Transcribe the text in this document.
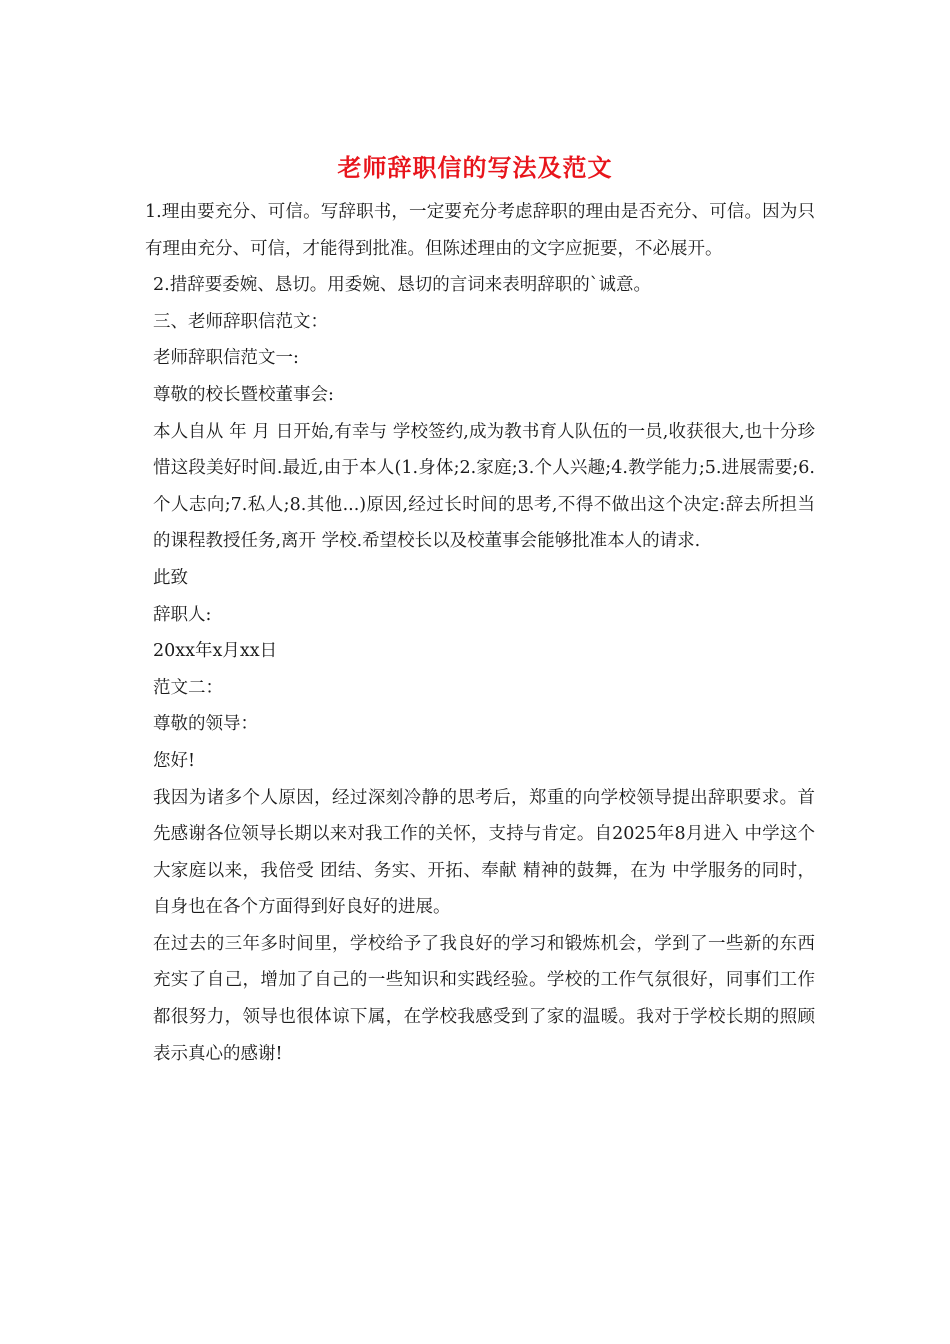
老师辞职信的写法及范文

1.理由要充分、可信。写辞职书，一定要充分考虑辞职的理由是否充分、可信。因为只有理由充分、可信，才能得到批准。但陈述理由的文字应扼要，不必展开。

2.措辞要委婉、恳切。用委婉、恳切的言词来表明辞职的`诚意。

三、老师辞职信范文：

老师辞职信范文一:

尊敬的校长暨校董事会:

本人自从 年 月 日开始,有幸与 学校签约,成为教书育人队伍的一员,收获很大,也十分珍惜这段美好时间.最近,由于本人(1.身体;2.家庭;3.个人兴趣;4.教学能力;5.进展需要;6.个人志向;7.私人;8.其他...)原因,经过长时间的思考,不得不做出这个决定:辞去所担当的课程教授任务,离开 学校.希望校长以及校董事会能够批准本人的请求.

此致

辞职人:

20xx年x月xx日

范文二：

尊敬的领导：

您好!

我因为诸多个人原因，经过深刻冷静的思考后，郑重的向学校领导提出辞职要求。首先感谢各位领导长期以来对我工作的关怀，支持与肯定。自2025年8月进入 中学这个大家庭以来，我倍受 团结、务实、开拓、奉献 精神的鼓舞，在为 中学服务的同时，自身也在各个方面得到好良好的进展。

在过去的三年多时间里，学校给予了我良好的学习和锻炼机会，学到了一些新的东西充实了自己，增加了自己的一些知识和实践经验。学校的工作气氛很好，同事们工作都很努力，领导也很体谅下属，在学校我感受到了家的温暖。我对于学校长期的照顾表示真心的感谢!
